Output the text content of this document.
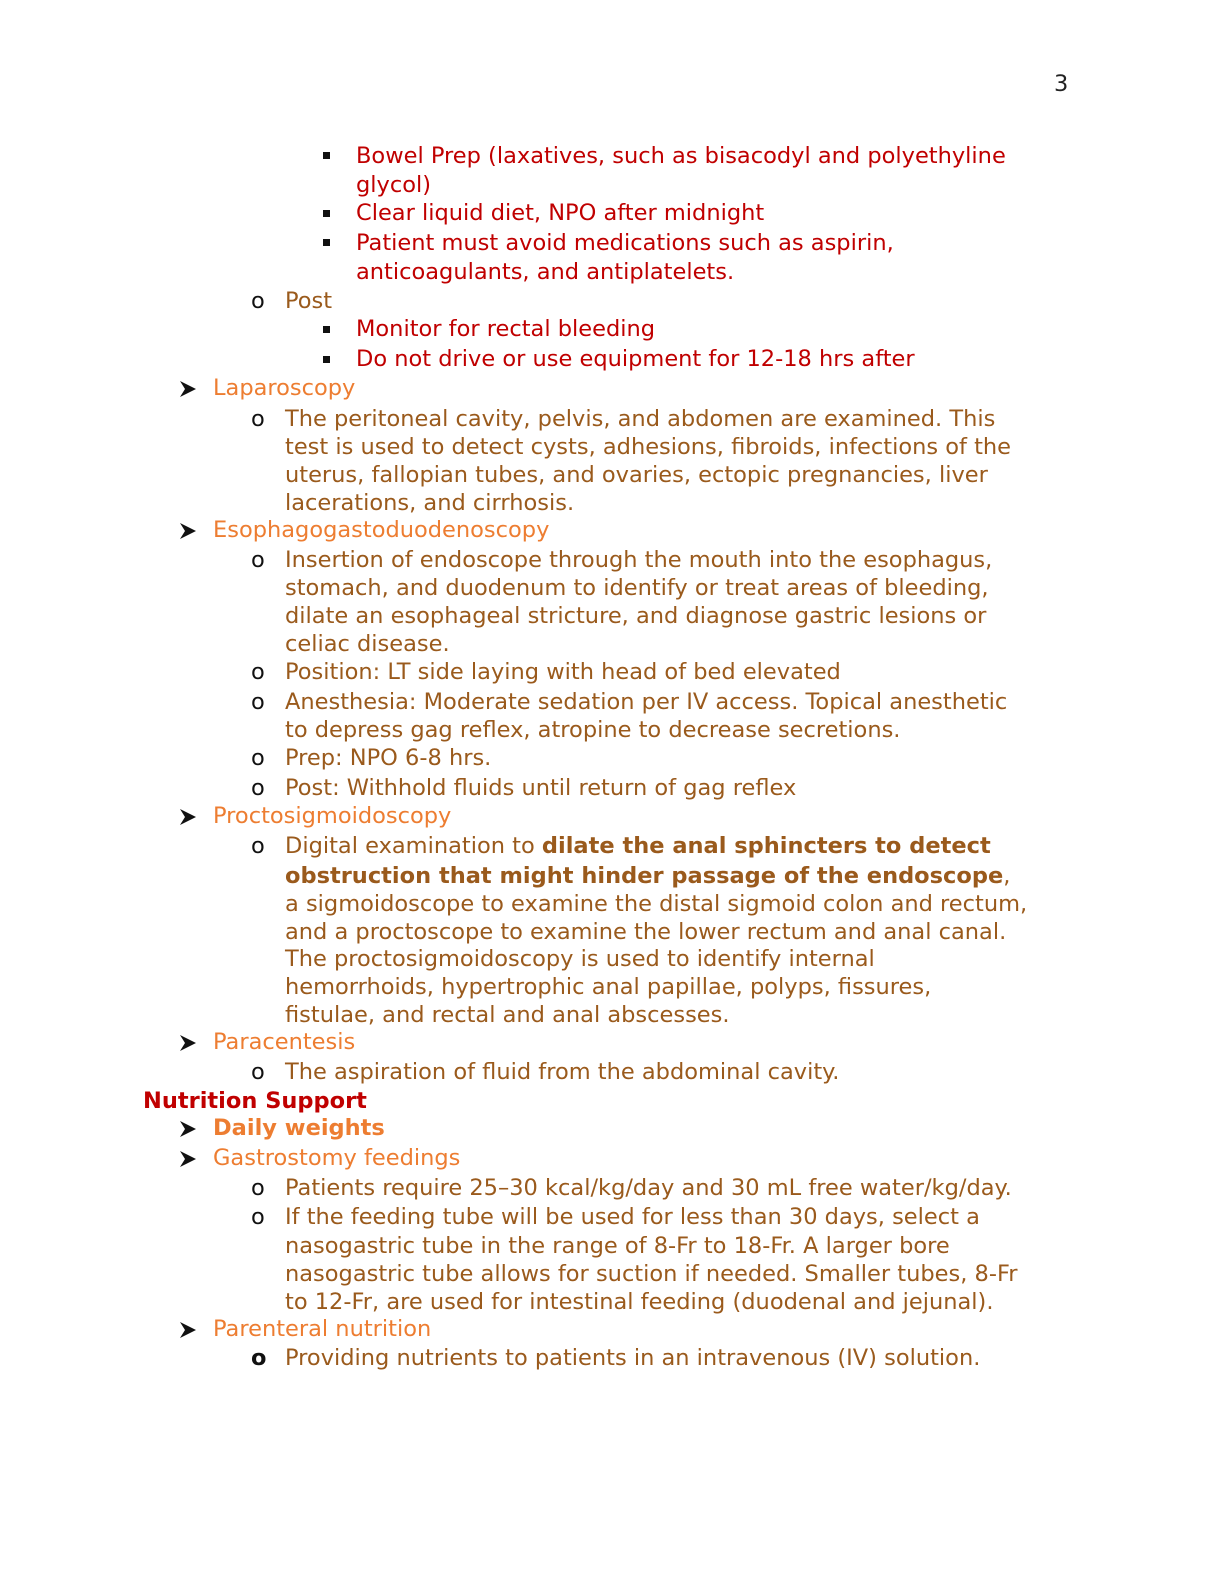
3
Bowel Prep (laxatives, such as bisacodyl and polyethyline
glycol)
Clear liquid diet, NPO after midnight
Patient must avoid medications such as aspirin,
anticoagulants, and antiplatelets.
o Post
Monitor for rectal bleeding
Do not drive or use equipment for 12-18 hrs after
Laparoscopy
o The peritoneal cavity, pelvis, and abdomen are examined. This
test is used to detect cysts, adhesions, fibroids, infections of the
uterus, fallopian tubes, and ovaries, ectopic pregnancies, liver
lacerations, and cirrhosis.
Esophagogastoduodenoscopy
o Insertion of endoscope through the mouth into the esophagus,
stomach, and duodenum to identify or treat areas of bleeding,
dilate an esophageal stricture, and diagnose gastric lesions or
celiac disease.
o Position: LT side laying with head of bed elevated
o Anesthesia: Moderate sedation per IV access. Topical anesthetic
to depress gag reflex, atropine to decrease secretions.
o Prep: NPO 6-8 hrs.
o Post: Withhold fluids until return of gag reflex
Proctosigmoidoscopy
o Digital examination to dilate the anal sphincters to detect
obstruction that might hinder passage of the endoscope,
a sigmoidoscope to examine the distal sigmoid colon and rectum,
and a proctoscope to examine the lower rectum and anal canal.
The proctosigmoidoscopy is used to identify internal
hemorrhoids, hypertrophic anal papillae, polyps, fissures,
fistulae, and rectal and anal abscesses.
Paracentesis
o The aspiration of fluid from the abdominal cavity.
Nutrition Support
Daily weights
Gastrostomy feedings
o Patients require 25–30 kcal/kg/day and 30 mL free water/kg/day.
o If the feeding tube will be used for less than 30 days, select a
nasogastric tube in the range of 8-Fr to 18-Fr. A larger bore
nasogastric tube allows for suction if needed. Smaller tubes, 8-Fr
to 12-Fr, are used for intestinal feeding (duodenal and jejunal).
Parenteral nutrition
o Providing nutrients to patients in an intravenous (IV) solution.
